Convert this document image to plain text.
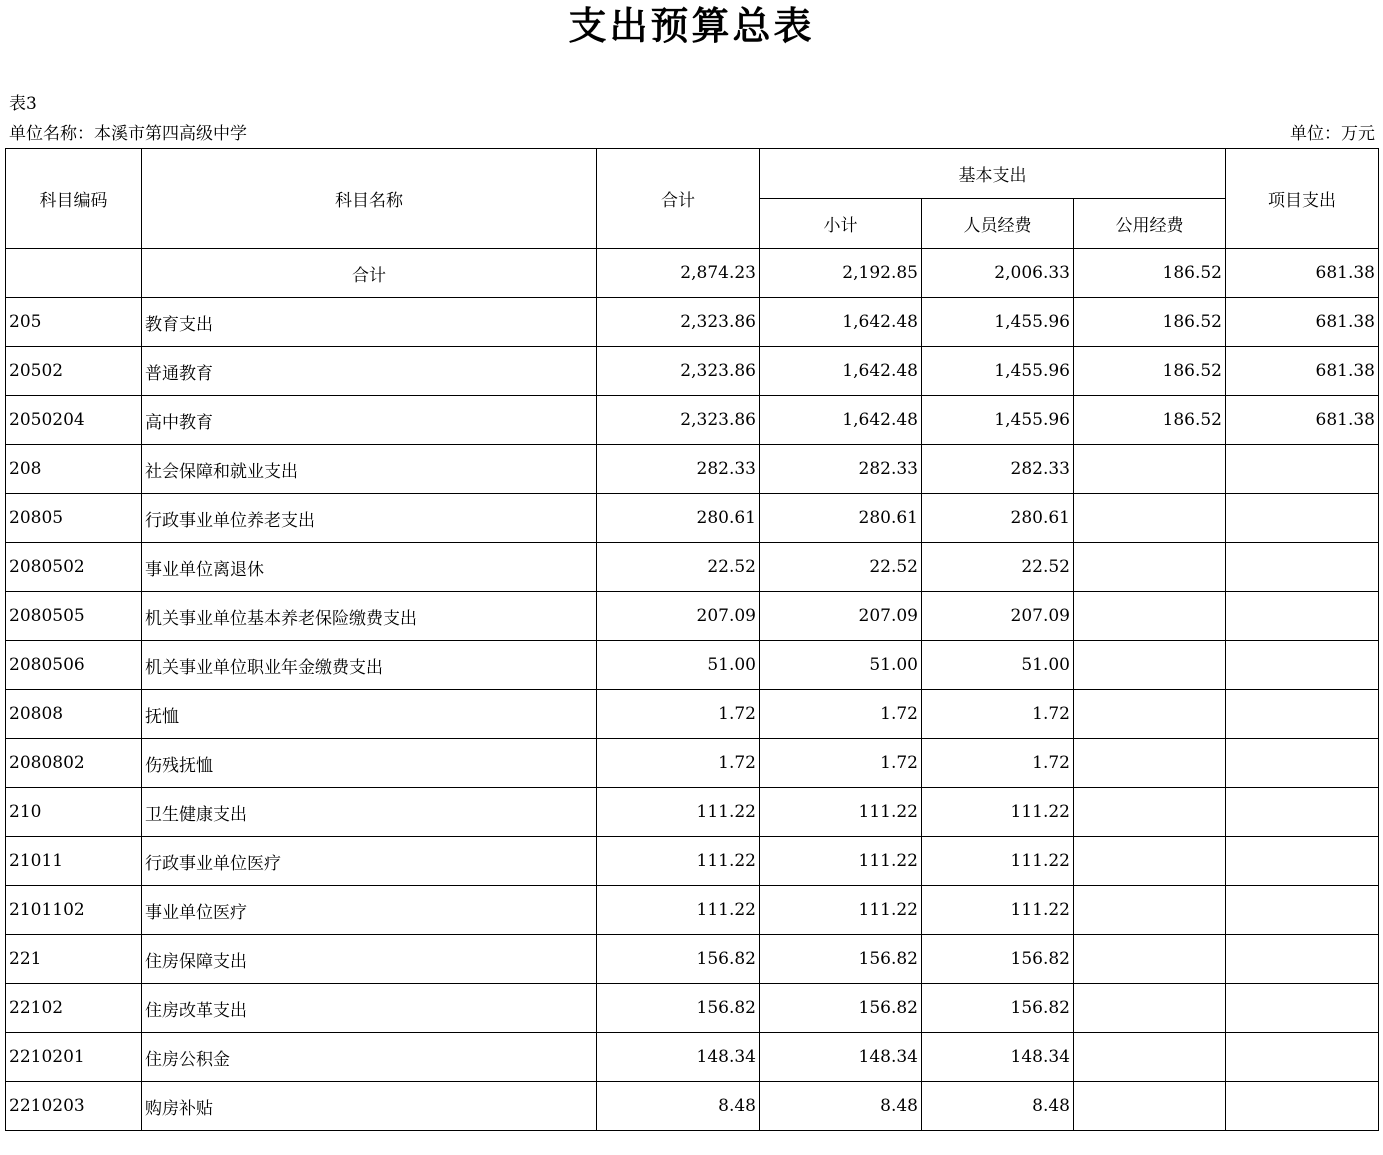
支出预算总表
表3
单位名称：本溪市第四高级中学	单位：万元
科目编码	科目名称	合计	基本支出			项目支出
			小计	人员经费	公用经费	
	合计	2,874.23	2,192.85	2,006.33	186.52	681.38
205	教育支出	2,323.86	1,642.48	1,455.96	186.52	681.38
20502	普通教育	2,323.86	1,642.48	1,455.96	186.52	681.38
2050204	高中教育	2,323.86	1,642.48	1,455.96	186.52	681.38
208	社会保障和就业支出	282.33	282.33	282.33		
20805	行政事业单位养老支出	280.61	280.61	280.61		
2080502	事业单位离退休	22.52	22.52	22.52		
2080505	机关事业单位基本养老保险缴费支出	207.09	207.09	207.09		
2080506	机关事业单位职业年金缴费支出	51.00	51.00	51.00		
20808	抚恤	1.72	1.72	1.72		
2080802	伤残抚恤	1.72	1.72	1.72		
210	卫生健康支出	111.22	111.22	111.22		
21011	行政事业单位医疗	111.22	111.22	111.22		
2101102	事业单位医疗	111.22	111.22	111.22		
221	住房保障支出	156.82	156.82	156.82		
22102	住房改革支出	156.82	156.82	156.82		
2210201	住房公积金	148.34	148.34	148.34		
2210203	购房补贴	8.48	8.48	8.48		
